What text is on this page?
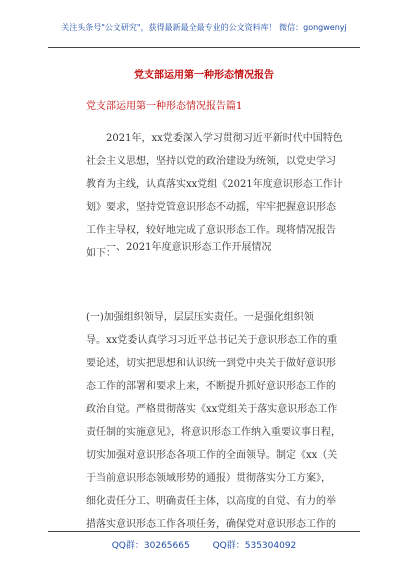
关注头条号"公文研究"，获得最新最全最专业的公文资料库！ 微信：gongwenyj
党支部运用第一种形态情况报告
党支部运用第一种形态情况报告篇1
2021年，xx党委深入学习贯彻习近平新时代中国特色
社会主义思想，坚持以党的政治建设为统领，以党史学习
教育为主线，认真落实xx党组《2021年度意识形态工作计
划》要求，坚持党管意识形态不动摇，牢牢把握意识形态
工作主导权，较好地完成了意识形态工作。现将情况报告
如下：
一、2021年度意识形态工作开展情况
(一)加强组织领导，层层压实责任。一是强化组织领
导。xx党委认真学习习近平总书记关于意识形态工作的重
要论述，切实把思想和认识统一到党中央关于做好意识形
态工作的部署和要求上来，不断提升抓好意识形态工作的
政治自觉。严格贯彻落实《xx党组关于落实意识形态工作
责任制的实施意见》，将意识形态工作纳入重要议事日程，
切实加强对意识形态各项工作的全面领导。制定《xx（关
于当前意识形态领域形势的通报）贯彻落实分工方案》，
细化责任分工、明确责任主体，以高度的自觉、有力的举
措落实意识形态工作各项任务，确保党对意识形态工作的
QQ群：30265665	QQ群：535304092
